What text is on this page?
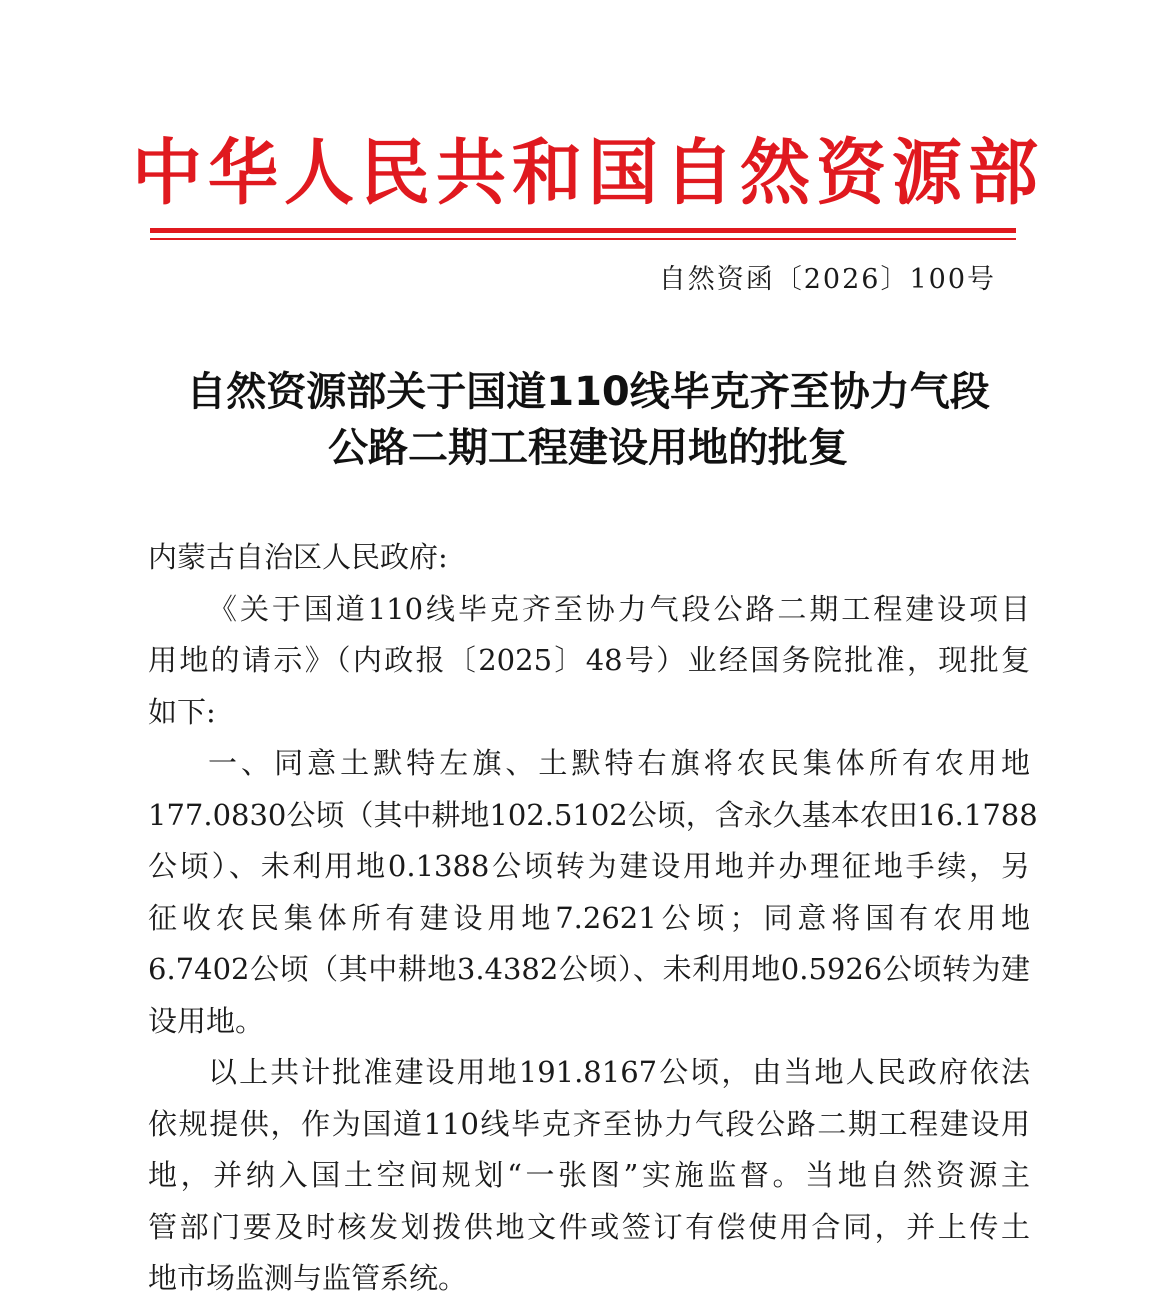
中华人民共和国自然资源部
自然资函〔2026〕100号
自然资源部关于国道110线毕克齐至协力气段
公路二期工程建设用地的批复
内蒙古自治区人民政府:
《关于国道110线毕克齐至协力气段公路二期工程建设项目
用地的请示》（内政报〔2025〕48号）业经国务院批准，现批复
如下:
一、同意土默特左旗、土默特右旗将农民集体所有农用地
177.0830公顷（其中耕地102.5102公顷，含永久基本农田16.1788
公顷）、未利用地0.1388公顷转为建设用地并办理征地手续，另
征收农民集体所有建设用地7.2621公顷；同意将国有农用地
6.7402公顷（其中耕地3.4382公顷）、未利用地0.5926公顷转为建
设用地。
以上共计批准建设用地191.8167公顷，由当地人民政府依法
依规提供，作为国道110线毕克齐至协力气段公路二期工程建设用
地，并纳入国土空间规划“一张图”实施监督。当地自然资源主
管部门要及时核发划拨供地文件或签订有偿使用合同，并上传土
地市场监测与监管系统。
